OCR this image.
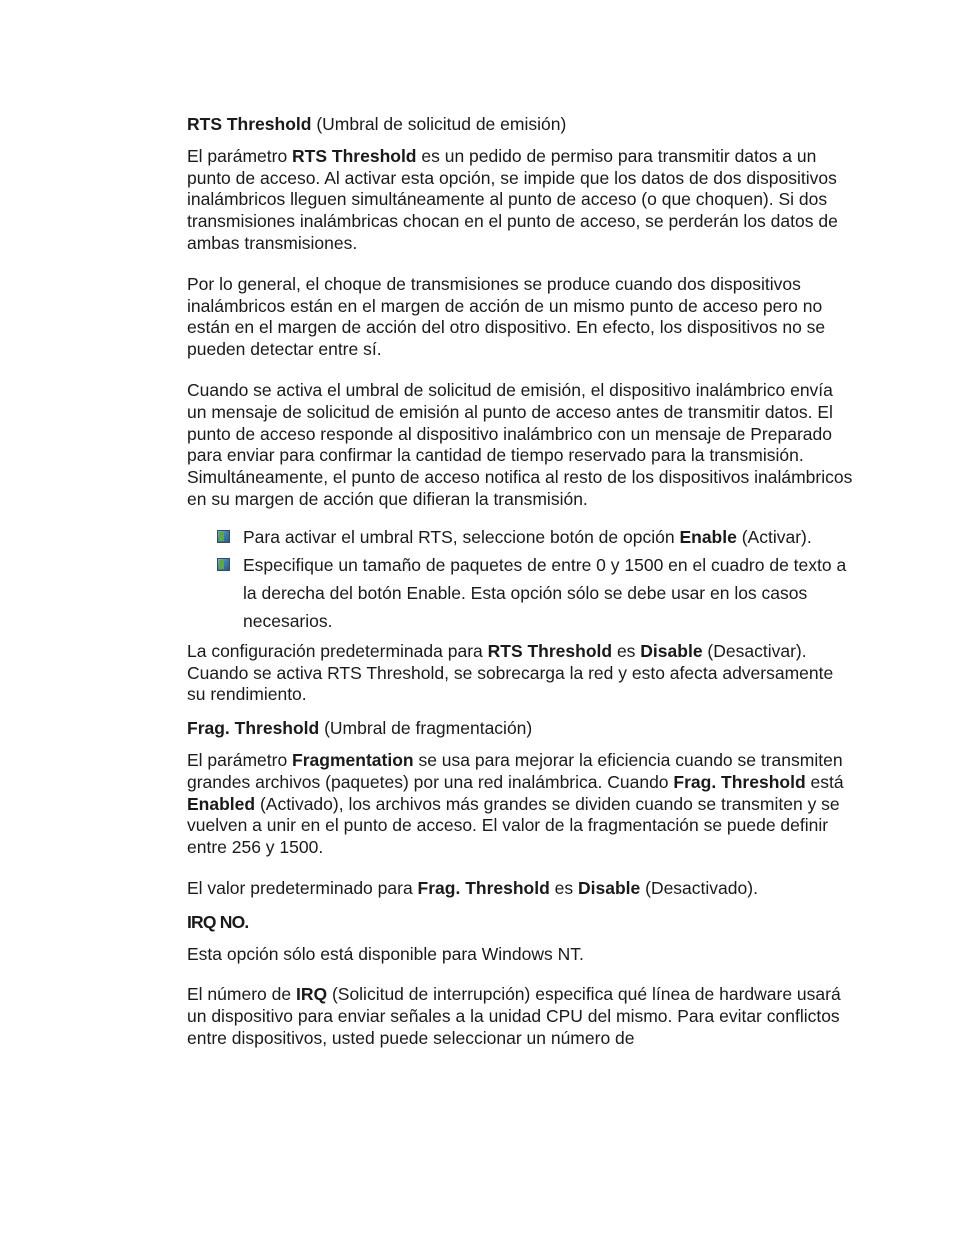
RTS Threshold (Umbral de solicitud de emisión)

El parámetro RTS Threshold es un pedido de permiso para transmitir datos a un punto de acceso. Al activar esta opción, se impide que los datos de dos dispositivos inalámbricos lleguen simultáneamente al punto de acceso (o que choquen). Si dos transmisiones inalámbricas chocan en el punto de acceso, se perderán los datos de ambas transmisiones.

Por lo general, el choque de transmisiones se produce cuando dos dispositivos inalámbricos están en el margen de acción de un mismo punto de acceso pero no están en el margen de acción del otro dispositivo. En efecto, los dispositivos no se pueden detectar entre sí.

Cuando se activa el umbral de solicitud de emisión, el dispositivo inalámbrico envía un mensaje de solicitud de emisión al punto de acceso antes de transmitir datos. El punto de acceso responde al dispositivo inalámbrico con un mensaje de Preparado para enviar para confirmar la cantidad de tiempo reservado para la transmisión. Simultáneamente, el punto de acceso notifica al resto de los dispositivos inalámbricos en su margen de acción que difieran la transmisión.

Para activar el umbral RTS, seleccione botón de opción Enable (Activar).
Especifique un tamaño de paquetes de entre 0 y 1500 en el cuadro de texto a la derecha del botón Enable. Esta opción sólo se debe usar en los casos necesarios.

La configuración predeterminada para RTS Threshold es Disable (Desactivar). Cuando se activa RTS Threshold, se sobrecarga la red y esto afecta adversamente su rendimiento.

Frag. Threshold (Umbral de fragmentación)

El parámetro Fragmentation se usa para mejorar la eficiencia cuando se transmiten grandes archivos (paquetes) por una red inalámbrica. Cuando Frag. Threshold está Enabled (Activado), los archivos más grandes se dividen cuando se transmiten y se vuelven a unir en el punto de acceso. El valor de la fragmentación se puede definir entre 256 y 1500.

El valor predeterminado para Frag. Threshold es Disable (Desactivado).

IRQ NO.

Esta opción sólo está disponible para Windows NT.

El número de IRQ (Solicitud de interrupción) especifica qué línea de hardware usará un dispositivo para enviar señales a la unidad CPU del mismo. Para evitar conflictos entre dispositivos, usted puede seleccionar un número de
